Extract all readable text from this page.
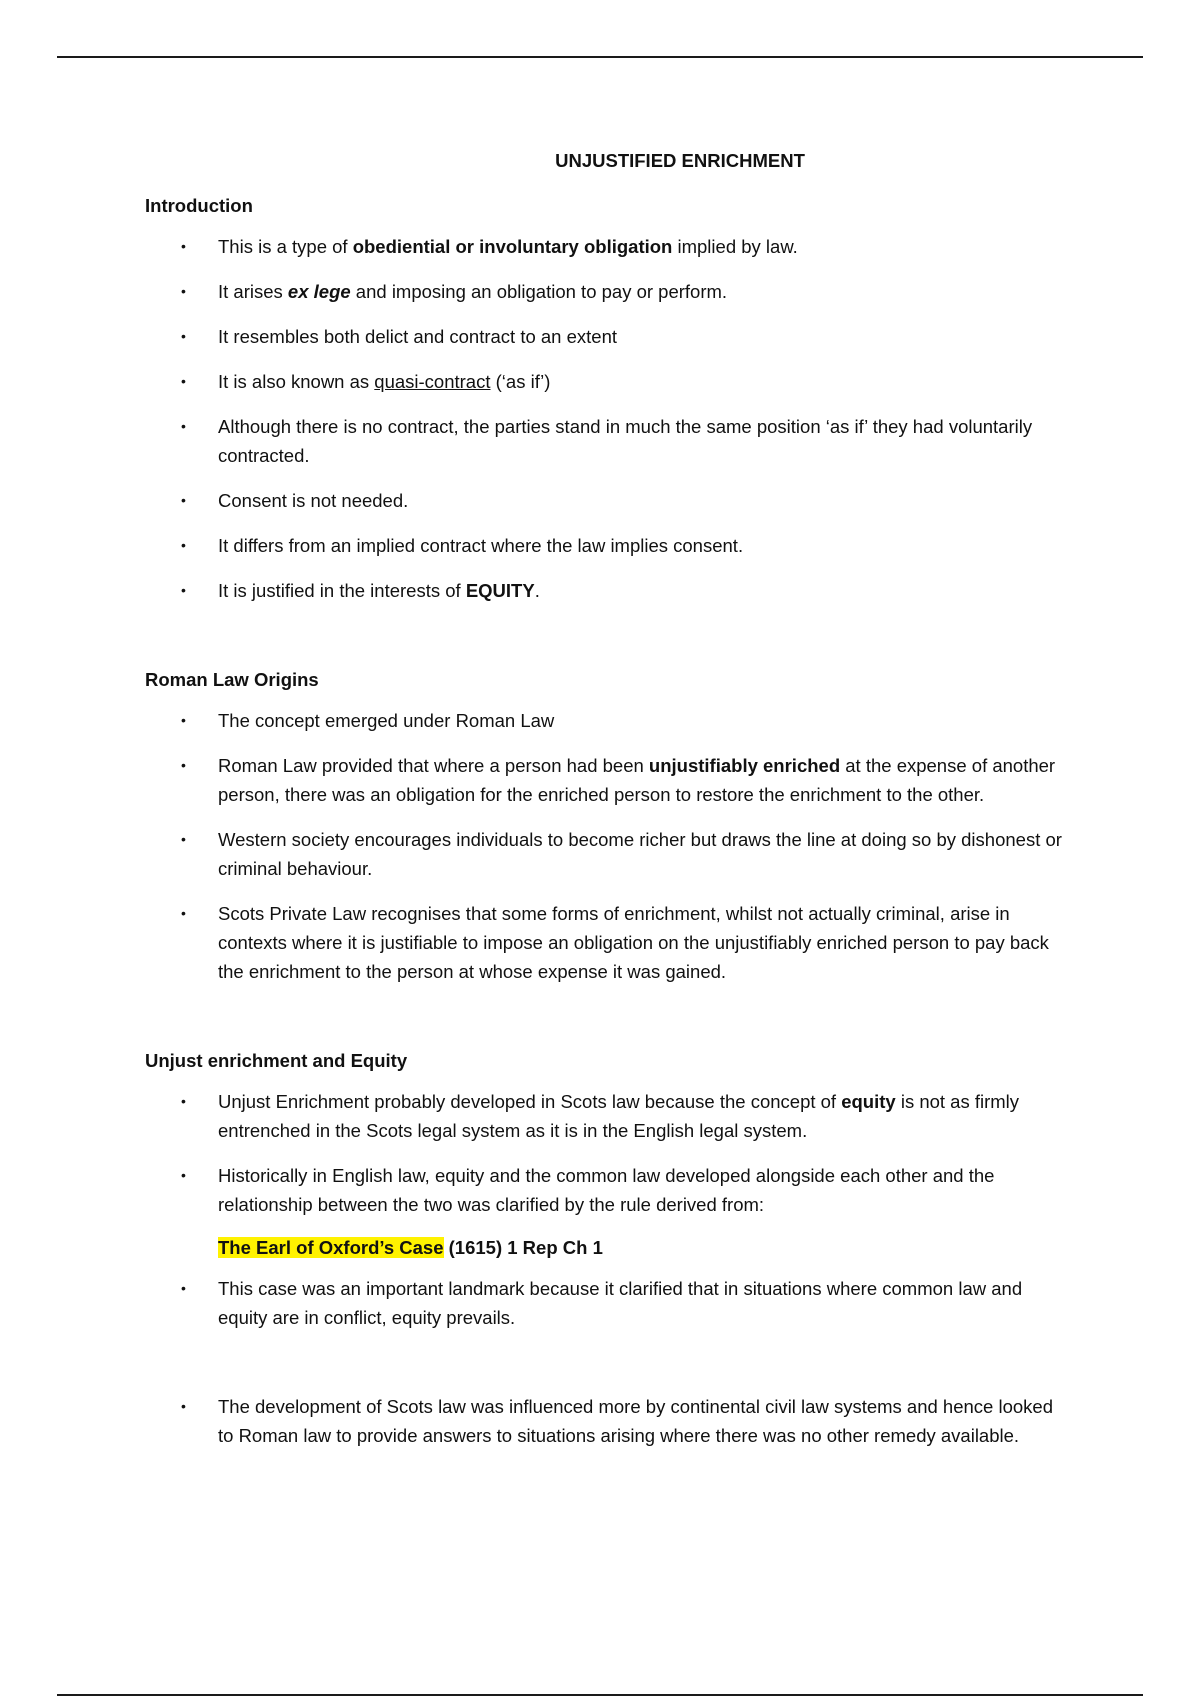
UNJUSTIFIED ENRICHMENT
Introduction
• This is a type of obediential or involuntary obligation implied by law.
• It arises ex lege and imposing an obligation to pay or perform.
• It resembles both delict and contract to an extent
• It is also known as quasi-contract (‘as if’)
• Although there is no contract, the parties stand in much the same position ‘as if’ they had voluntarily contracted.
• Consent is not needed.
• It differs from an implied contract where the law implies consent.
• It is justified in the interests of EQUITY.
Roman Law Origins
• The concept emerged under Roman Law
• Roman Law provided that where a person had been unjustifiably enriched at the expense of another person, there was an obligation for the enriched person to restore the enrichment to the other.
• Western society encourages individuals to become richer but draws the line at doing so by dishonest or criminal behaviour.
• Scots Private Law recognises that some forms of enrichment, whilst not actually criminal, arise in contexts where it is justifiable to impose an obligation on the unjustifiably enriched person to pay back the enrichment to the person at whose expense it was gained.
Unjust enrichment and Equity
• Unjust Enrichment probably developed in Scots law because the concept of equity is not as firmly entrenched in the Scots legal system as it is in the English legal system.
• Historically in English law, equity and the common law developed alongside each other and the relationship between the two was clarified by the rule derived from:
The Earl of Oxford’s Case (1615) 1 Rep Ch 1
• This case was an important landmark because it clarified that in situations where common law and equity are in conflict, equity prevails.
• The development of Scots law was influenced more by continental civil law systems and hence looked to Roman law to provide answers to situations arising where there was no other remedy available.
